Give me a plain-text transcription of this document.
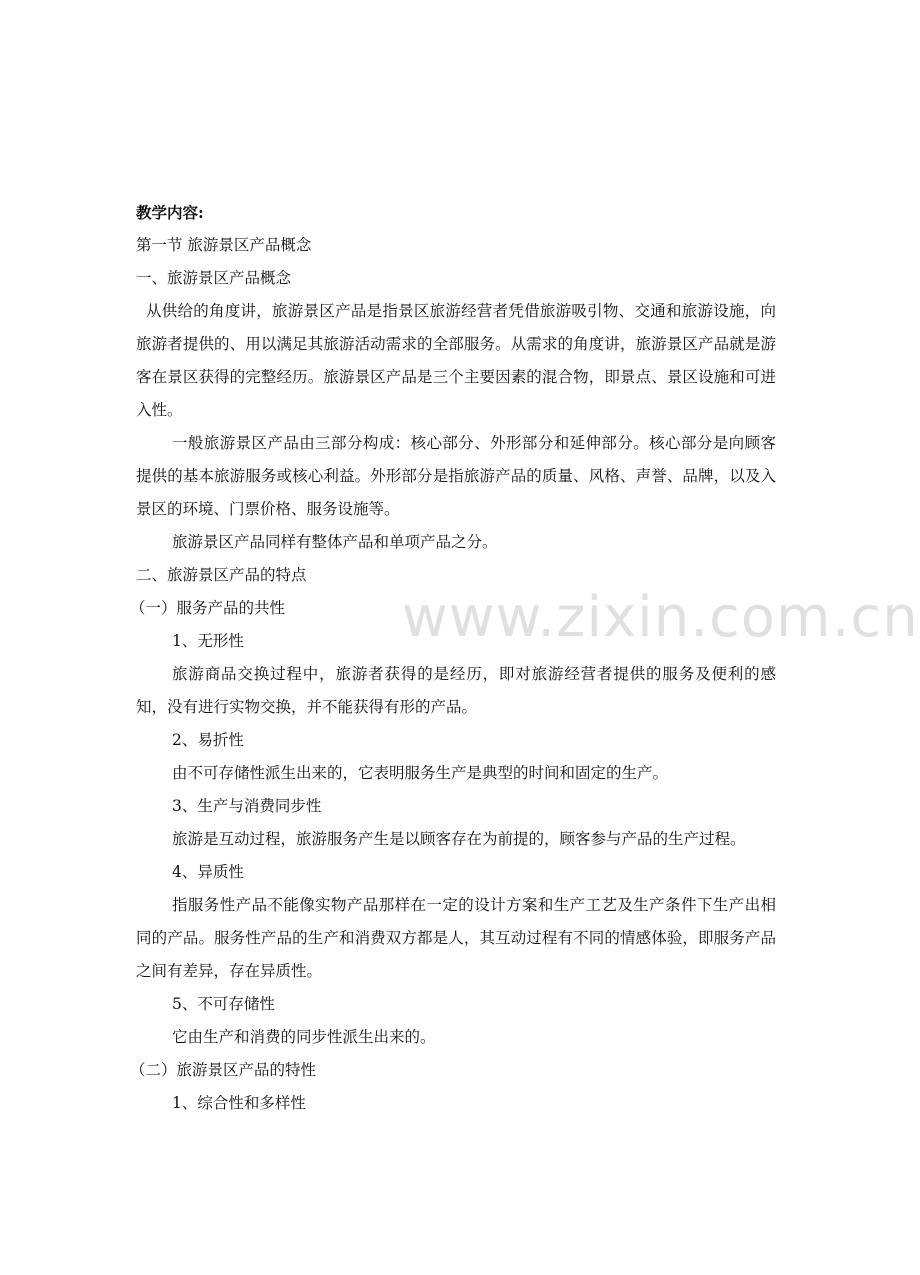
www.zixin.com.cn

教学内容:

第一节 旅游景区产品概念

一、旅游景区产品概念

从供给的角度讲，旅游景区产品是指景区旅游经营者凭借旅游吸引物、交通和旅游设施，向旅游者提供的、用以满足其旅游活动需求的全部服务。从需求的角度讲，旅游景区产品就是游客在景区获得的完整经历。旅游景区产品是三个主要因素的混合物，即景点、景区设施和可进入性。

一般旅游景区产品由三部分构成：核心部分、外形部分和延伸部分。核心部分是向顾客提供的基本旅游服务或核心利益。外形部分是指旅游产品的质量、风格、声誉、品牌，以及入景区的环境、门票价格、服务设施等。

旅游景区产品同样有整体产品和单项产品之分。

二、旅游景区产品的特点

（一）服务产品的共性

1、无形性

旅游商品交换过程中，旅游者获得的是经历，即对旅游经营者提供的服务及便利的感知，没有进行实物交换，并不能获得有形的产品。

2、易折性

由不可存储性派生出来的，它表明服务生产是典型的时间和固定的生产。

3、生产与消费同步性

旅游是互动过程，旅游服务产生是以顾客存在为前提的，顾客参与产品的生产过程。

4、异质性

指服务性产品不能像实物产品那样在一定的设计方案和生产工艺及生产条件下生产出相同的产品。服务性产品的生产和消费双方都是人，其互动过程有不同的情感体验，即服务产品之间有差异，存在异质性。

5、不可存储性

它由生产和消费的同步性派生出来的。

（二）旅游景区产品的特性

1、综合性和多样性
